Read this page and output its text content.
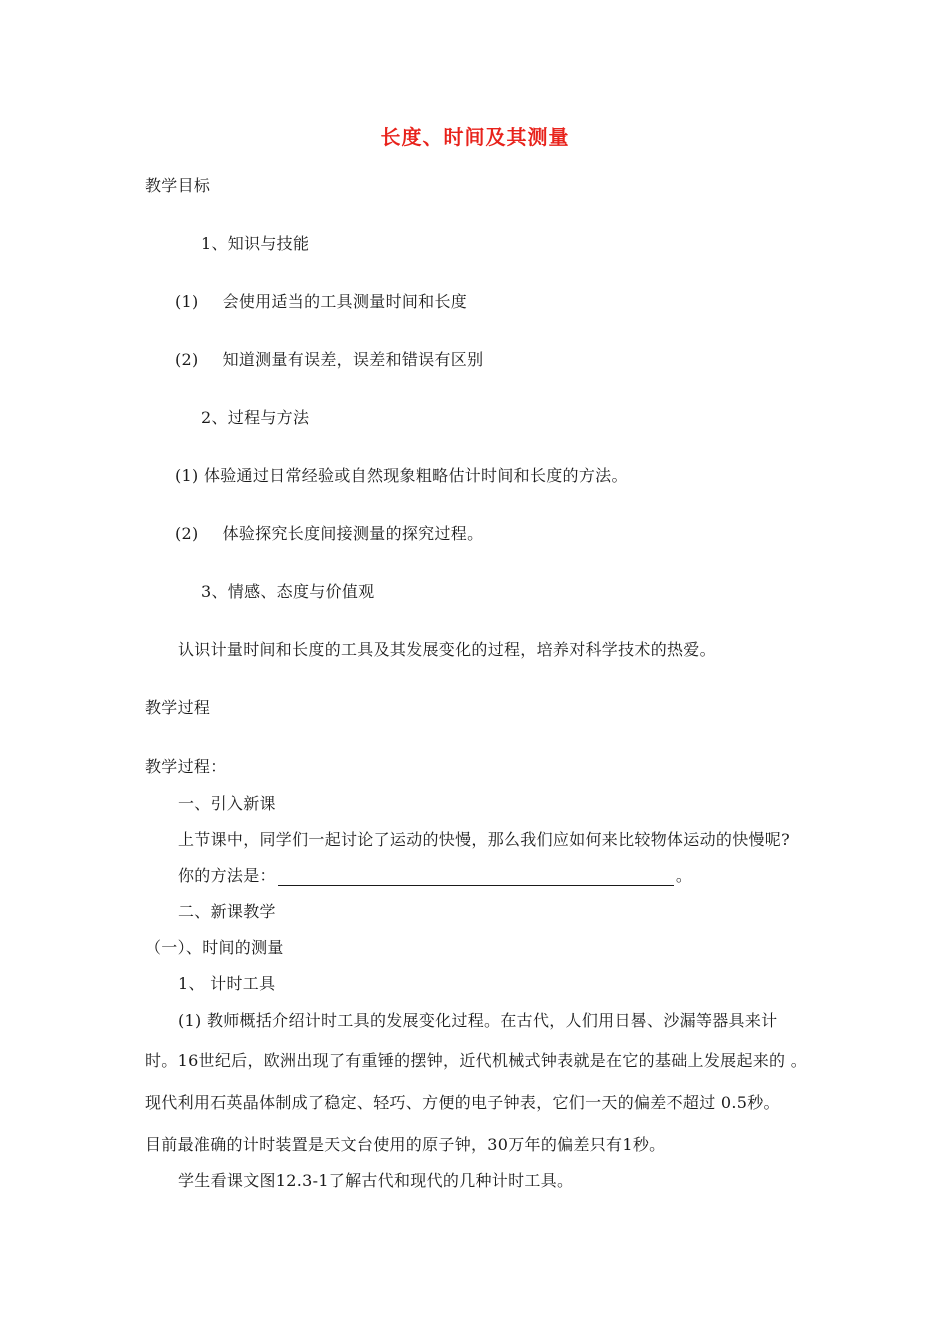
长度、时间及其测量
教学目标
1、知识与技能
(1) 会使用适当的工具测量时间和长度
(2) 知道测量有误差，误差和错误有区别
2、过程与方法
(1) 体验通过日常经验或自然现象粗略估计时间和长度的方法。
(2) 体验探究长度间接测量的探究过程。
3、情感、态度与价值观
认识计量时间和长度的工具及其发展变化的过程，培养对科学技术的热爱。
教学过程
教学过程：
一、引入新课
上节课中，同学们一起讨论了运动的快慢，那么我们应如何来比较物体运动的快慢呢?
你的方法是：	。
二、新课教学
（一）、时间的测量
1、 计时工具
(1) 教师概括介绍计时工具的发展变化过程。在古代，人们用日晷、沙漏等器具来计
时。16世纪后，欧洲出现了有重锤的摆钟，近代机械式钟表就是在它的基础上发展起来的 。
现代利用石英晶体制成了稳定、轻巧、方便的电子钟表，它们一天的偏差不超过 0.5秒。
目前最准确的计时装置是天文台使用的原子钟，30万年的偏差只有1秒。
学生看课文图12.3-1了解古代和现代的几种计时工具。
